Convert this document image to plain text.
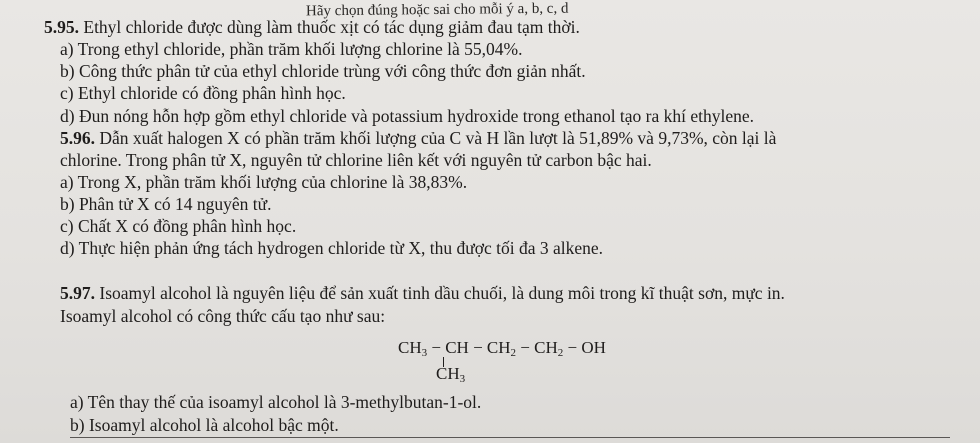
Hãy chọn đúng hoặc sai cho mỗi ý a, b, c, d
5.95. Ethyl chloride được dùng làm thuốc xịt có tác dụng giảm đau tạm thời.
a) Trong ethyl chloride, phần trăm khối lượng chlorine là 55,04%.
b) Công thức phân tử của ethyl chloride trùng với công thức đơn giản nhất.
c) Ethyl chloride có đồng phân hình học.
d) Đun nóng hỗn hợp gồm ethyl chloride và potassium hydroxide trong ethanol tạo ra khí ethylene.
5.96. Dẫn xuất halogen X có phần trăm khối lượng của C và H lần lượt là 51,89% và 9,73%, còn lại là
chlorine. Trong phân tử X, nguyên tử chlorine liên kết với nguyên tử carbon bậc hai.
a) Trong X, phần trăm khối lượng của chlorine là 38,83%.
b) Phân tử X có 14 nguyên tử.
c) Chất X có đồng phân hình học.
d) Thực hiện phản ứng tách hydrogen chloride từ X, thu được tối đa 3 alkene.
5.97. Isoamyl alcohol là nguyên liệu để sản xuất tinh dầu chuối, là dung môi trong kĩ thuật sơn, mực in.
Isoamyl alcohol có công thức cấu tạo như sau:
$CH_3$ − CH − $CH_2 - CH_2$ − OH
$CH_3$
a) Tên thay thế của isoamyl alcohol là 3-methylbutan-1-ol.
b) Isoamyl alcohol là alcohol bậc một.
